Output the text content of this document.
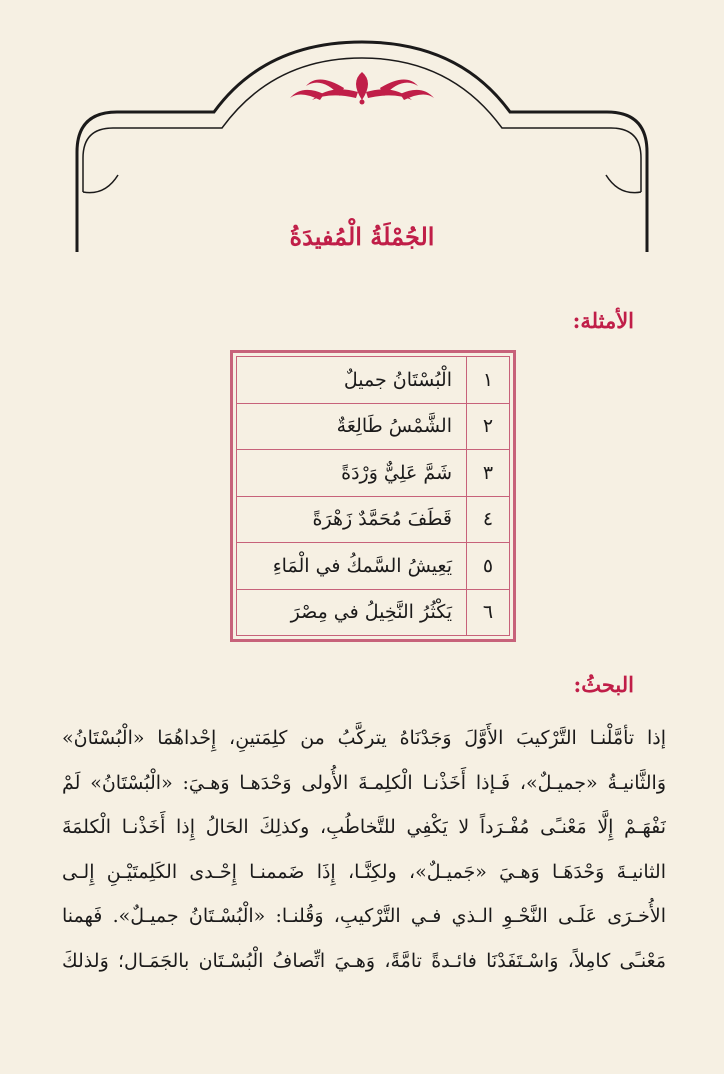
الجُمْلَةُ الْمُفيدَةُ
الأمثلة:
١
الْبُسْتَانُ جميلٌ
٢
الشَّمْسُ طَالِعَةٌ
٣
شَمَّ عَلِيٌّ وَرْدَةً
٤
قَطَفَ مُحَمَّدٌ زَهْرَةً
٥
يَعِيشُ السَّمكُ في الْمَاءِ
٦
يَكْثُرُ النَّخِيلُ في مِصْرَ
البحثُ:
إذا تأمَّلْنـا التَّرْكيبَ الأَوَّلَ وَجَدْنَاهُ يتركَّبُ من كلِمَتينِ، إِحْداهُمَا «الْبُسْتَانُ»
وَالثَّانيـةُ «جميـلٌ»، فَـإذا أَخَذْنـا الْكلِمـةَ الأُولى وَحْدَهـا وَهـيَ: «الْبُسْتَانُ» لَمْ
نَفْهَـمْ إِلَّا مَعْنـًى مُفْـرَداً لا يَكْفِي للتَّخاطُبِ، وكذلِكَ الحَالُ إِذا أَخَذْنـا الْكلمَةَ
الثانيـةَ وَحْدَهَـا وَهـيَ «جَميـلٌ»، ولكِنَّـا، إِذَا ضَممنـا إِحْـدى الكَلِمتَيْـنِ إِلـى
الأُخـرَى عَلَـى النَّحْـوِ الـذي فـي التَّرْكيبِ، وَقُلنـا: «الْبُسْـتَانُ جميـلٌ». فَهمنا
مَعْنـًى كامِلاً، وَاسْـتَفَدْنَا فائـدةً تامَّةً، وَهـيَ اتِّصافُ الْبُسْـتَان بالجَمَـال؛ وَلذلكَ
